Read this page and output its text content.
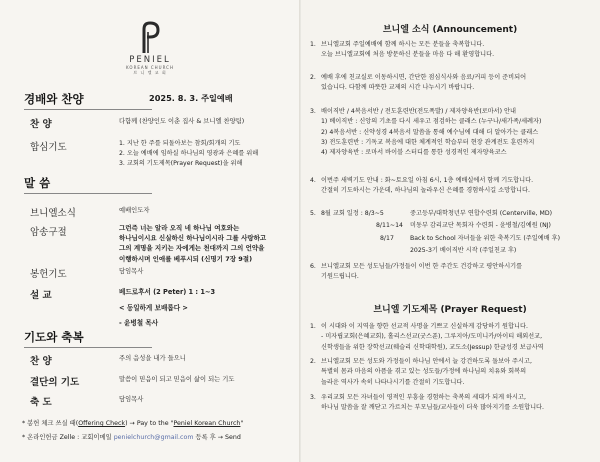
PENIEL
KOREAN CHURCH
브 니 엘 교 회
경배와 찬양	2025. 8. 3. 주일예배
찬 양	다함께 (찬양인도 이춘 집사 & 브니엘 찬양팀)
합심기도	1. 지난 한 주를 되돌아보는 참회/회개의 기도
2. 오늘 예배에 임하실 하나님의 영광과 은혜를 위해
3. 교회의 기도제목(Prayer Request)을 위해
말 씀
브니엘소식	예배인도자
암송구절	그런즉 너는 알라 오직 네 하나님 여호와는
하나님이시요 신실하신 하나님이시라 그를 사랑하고
그의 계명을 지키는 자에게는 천대까지 그의 언약을
이행하시며 인애를 베푸시되 (신명기 7장 9절)
봉헌기도	담임목사
설 교	베드로후서 (2 Peter) 1 : 1~3
< 동일하게 보배롭다 >
- 윤병철 목사
기도와 축복
찬 양	주의 음성을 내가 들으니
결단의 기도	말씀이 믿음이 되고 믿음이 삶이 되는 기도
축 도	담임목사
* 봉헌 체크 쓰실 때(Offering Check) → Pay to the "Peniel Korean Church"
* 온라인헌금 Zelle : 교회이메일 penielchurch@gmail.com 등록 후 → Send
브니엘 소식 (Announcement)
1. 브니엘교회 주일예배에 함께 하시는 모든 분들을 축복합니다.
오늘 브니엘교회에 처음 방문하신 분들을 마음 다 해 환영합니다.
2. 예배 후에 친교실로 이동하시면, 간단한 점심식사와 음료/커피 등이 준비되어
있습니다. 다함께 따뜻한 교제의 시간 나누시기 바랍니다.
3. 배이직반 / 4복음서반 / 전도훈련반(전도폭발) / 제자양육반(로마서) 안내
1) 베이직반 : 신앙의 기초를 다시 세우고 점검하는 클래스 (누구나/새가족/세례자)
2) 4복음서반 : 신약성경 4복음서 말씀을 통해 예수님에 대해 더 알아가는 클래스
3) 전도훈련반 : 기독교 복음에 대한 체계적인 학습부터 현장 관계전도 훈련까지
4) 제자양육반 : 로마서 바이블 스터디를 통한 성경적인 제자양육코스
4. 이번주 새벽기도 안내 : 화~토요일 아침 6시, 1층 예배실에서 함께 기도합니다.
간절히 기도하시는 가운데, 하나님의 놀라우신 은혜를 경험하시길 소망합니다.
5. 8월 교회 일정 : 8/3~5	중고등부/대학청년부 연합수련회 (Centerville, MD)
8/11~14 미동부 감리교단 목회자 수련회 - 윤병철/김예원 (NJ)
8/17	Back to School 자녀들을 위한 축복기도 (주일예배 후)
2025-3기 베이직반 시작 (주일친교 후)
6. 브니엘교회 모든 성도님들/가정들이 이번 한 주간도 건강하고 평안하시기를
기원드립니다.
브니엘 기도제목 (Prayer Request)
1. 이 시대와 이 지역을 향한 선교적 사명을 기쁘고 신실하게 감당하기 원합니다.
- 미자립교회(은혜교회), 홀리스선교(굿스푼), 그루지아/도미니카/아이티 해외선교,
신학생들을 위한 장학선교(웨슬리 신학대학원), 교도소(Jessup) 한글성경 보급사역
2. 브니엘교회 모든 성도와 가정들이 하나님 안에서 늘 강건하도록 돌보아 주시고,
특별히 몸과 마음의 아픔을 겪고 있는 성도들/가정에 하나님의 치유와 회복의
놀라운 역사가 속히 나타나시기를 간절히 기도합니다.
3. 우리교회 모든 자녀들이 영적인 부흥을 경험하는 축복의 세대가 되게 하시고,
하나님 말씀을 잘 깨닫고 가르치는 부모님들/교사들이 더욱 많아지기를 소원합니다.
